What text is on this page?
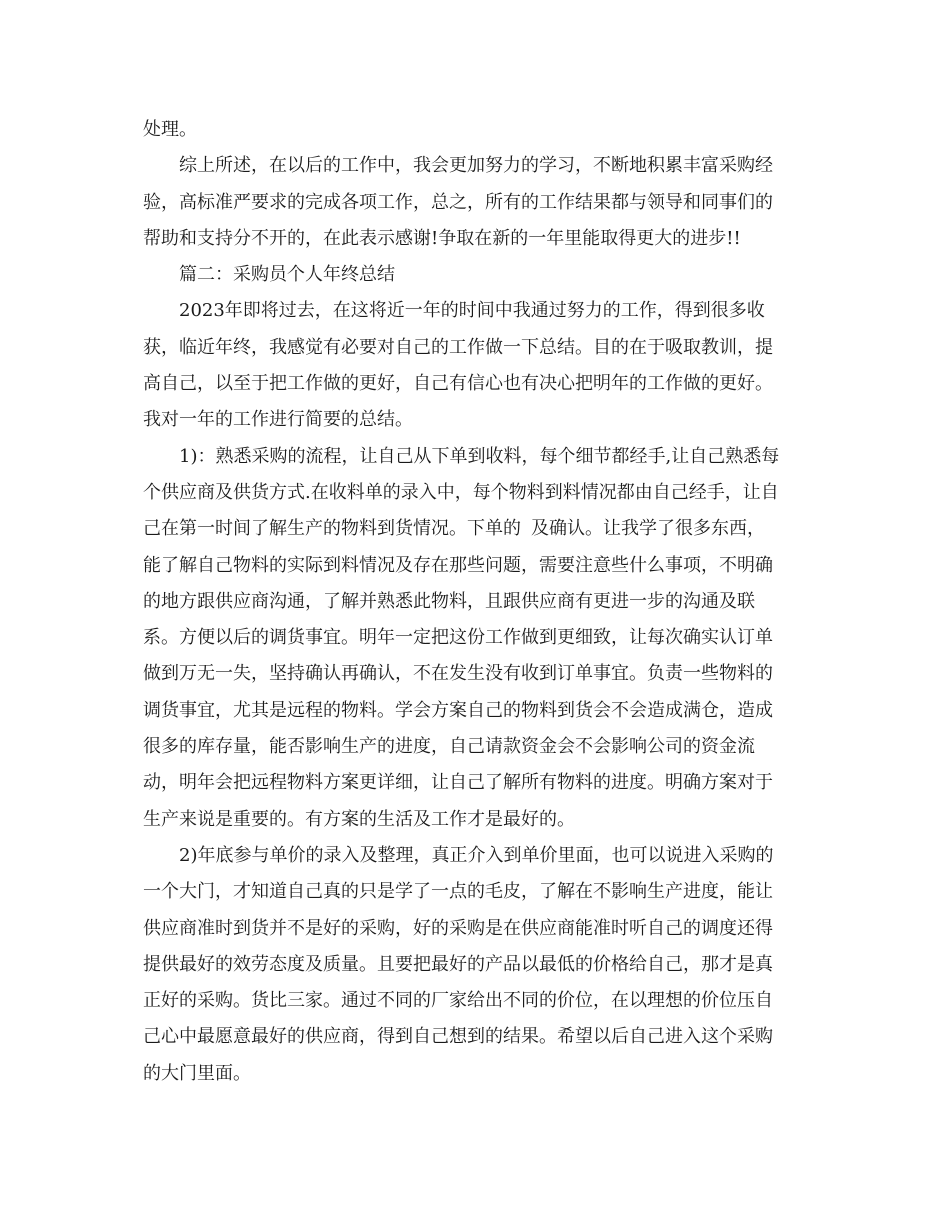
处理。
综上所述，在以后的工作中，我会更加努力的学习，不断地积累丰富采购经
验，高标准严要求的完成各项工作，总之，所有的工作结果都与领导和同事们的
帮助和支持分不开的，在此表示感谢!争取在新的一年里能取得更大的进步!!
篇二：采购员个人年终总结
2023年即将过去，在这将近一年的时间中我通过努力的工作，得到很多收
获，临近年终，我感觉有必要对自己的工作做一下总结。目的在于吸取教训，提
高自己，以至于把工作做的更好，自己有信心也有决心把明年的工作做的更好。
我对一年的工作进行简要的总结。
1)：熟悉采购的流程，让自己从下单到收料，每个细节都经手,让自己熟悉每
个供应商及供货方式.在收料单的录入中，每个物料到料情况都由自己经手，让自
己在第一时间了解生产的物料到货情况。下单的 及确认。让我学了很多东西，
能了解自己物料的实际到料情况及存在那些问题，需要注意些什么事项，不明确
的地方跟供应商沟通，了解并熟悉此物料，且跟供应商有更进一步的沟通及联
系。方便以后的调货事宜。明年一定把这份工作做到更细致，让每次确实认订单
做到万无一失，坚持确认再确认，不在发生没有收到订单事宜。负责一些物料的
调货事宜，尤其是远程的物料。学会方案自己的物料到货会不会造成满仓，造成
很多的库存量，能否影响生产的进度，自己请款资金会不会影响公司的资金流
动，明年会把远程物料方案更详细，让自己了解所有物料的进度。明确方案对于
生产来说是重要的。有方案的生活及工作才是最好的。
2)年底参与单价的录入及整理，真正介入到单价里面，也可以说进入采购的
一个大门，才知道自己真的只是学了一点的毛皮，了解在不影响生产进度，能让
供应商准时到货并不是好的采购，好的采购是在供应商能准时听自己的调度还得
提供最好的效劳态度及质量。且要把最好的产品以最低的价格给自己，那才是真
正好的采购。货比三家。通过不同的厂家给出不同的价位，在以理想的价位压自
己心中最愿意最好的供应商，得到自己想到的结果。希望以后自己进入这个采购
的大门里面。
